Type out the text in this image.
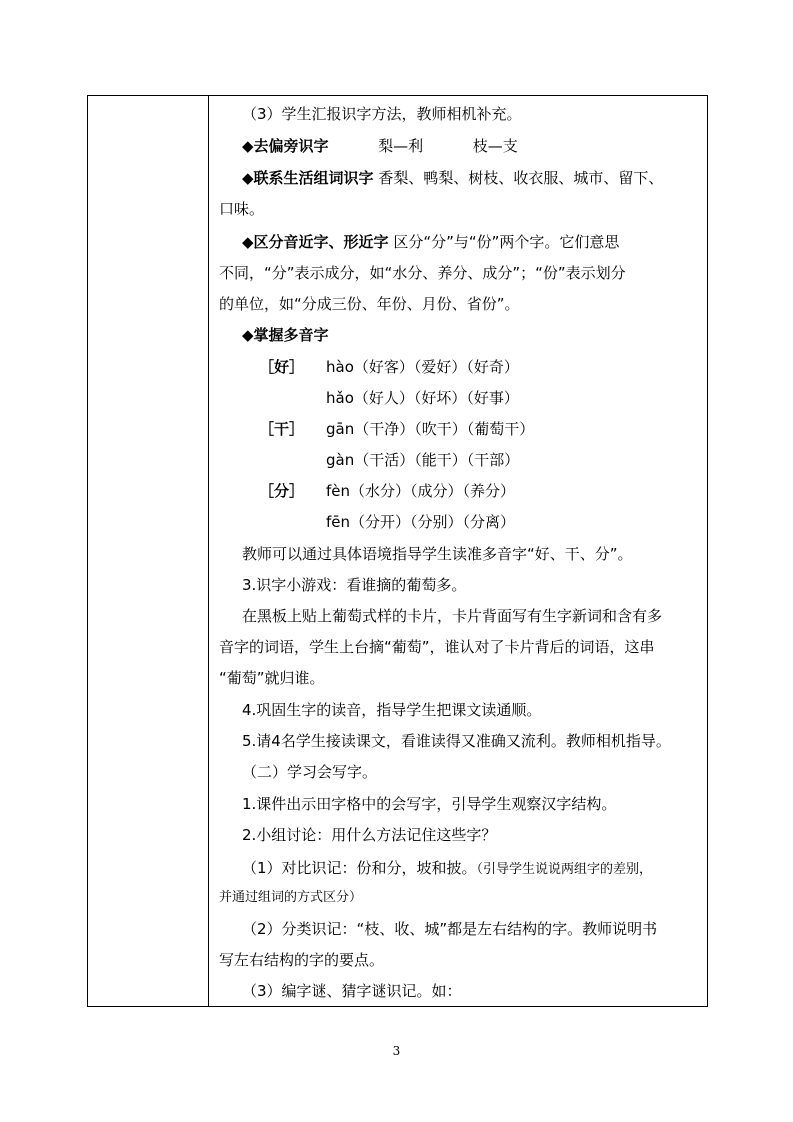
（3）学生汇报识字方法，教师相机补充。
◆去偏旁识字	梨—利	枝—支
◆联系生活组词识字 香梨、鸭梨、树枝、收衣服、城市、留下、
口味。
◆区分音近字、形近字 区分“分”与“份”两个字。它们意思
不同，“分”表示成分，如“水分、养分、成分”；“份”表示划分
的单位，如“分成三份、年份、月份、省份”。
◆掌握多音字
［好］ hào（好客）（爱好）（好奇）
hǎo（好人）（好坏）（好事）
［干］ gān（干净）（吹干）（葡萄干）
gàn（干活）（能干）（干部）
［分］ fèn（水分）（成分）（养分）
fēn（分开）（分别）（分离）
教师可以通过具体语境指导学生读准多音字“好、干、分”。
3.识字小游戏：看谁摘的葡萄多。
在黑板上贴上葡萄式样的卡片，卡片背面写有生字新词和含有多
音字的词语，学生上台摘“葡萄”，谁认对了卡片背后的词语，这串
“葡萄”就归谁。
4.巩固生字的读音，指导学生把课文读通顺。
5.请4名学生接读课文，看谁读得又准确又流利。教师相机指导。
（二）学习会写字。
1.课件出示田字格中的会写字，引导学生观察汉字结构。
2.小组讨论：用什么方法记住这些字？
（1）对比识记：份和分，坡和披。（引导学生说说两组字的差别，
并通过组词的方式区分）
（2）分类识记：“枝、收、城”都是左右结构的字。教师说明书
写左右结构的字的要点。
（3）编字谜、猜字谜识记。如：
3
